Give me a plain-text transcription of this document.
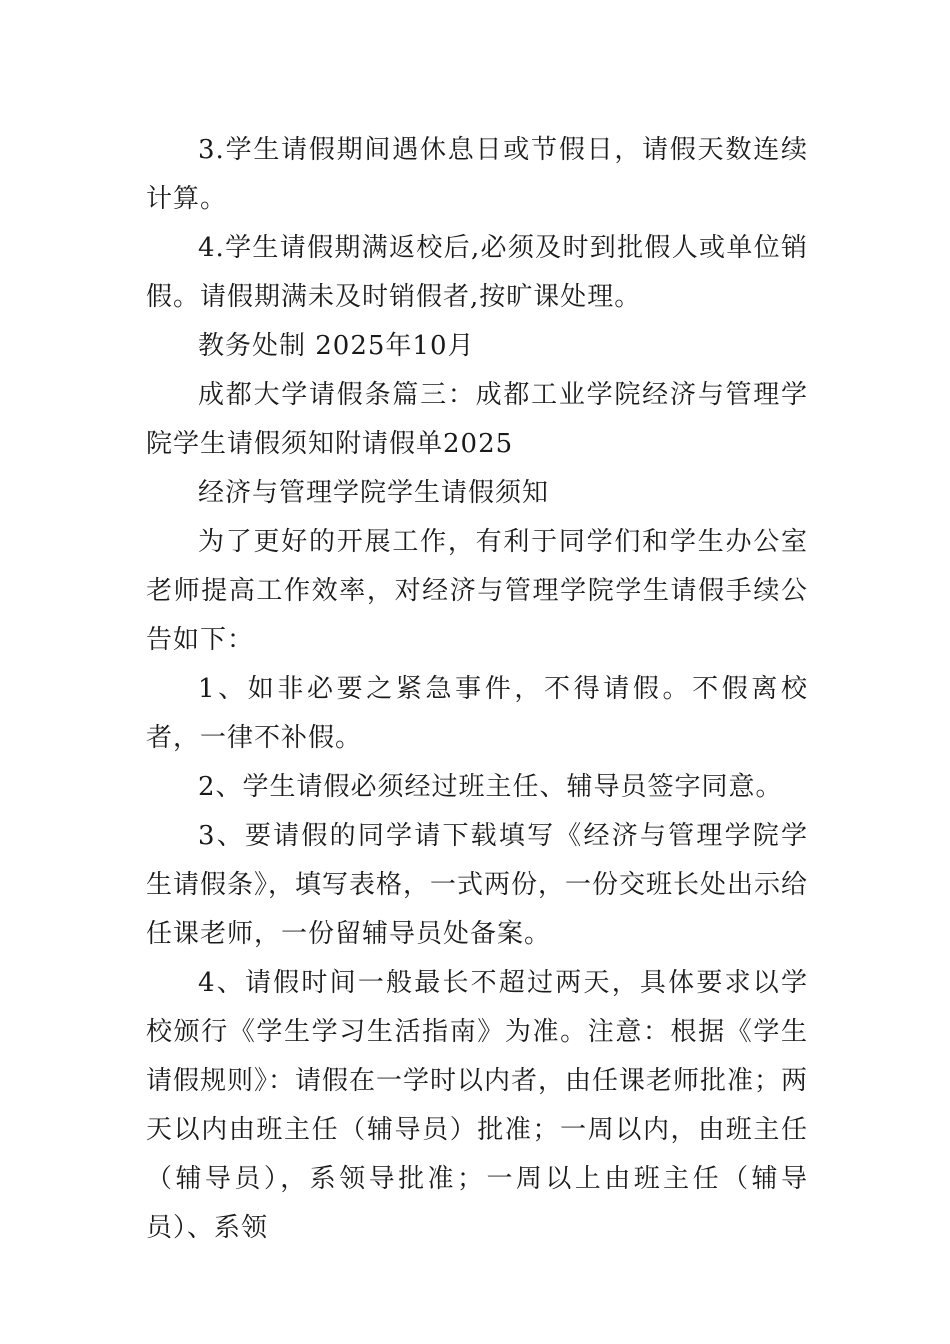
3.学生请假期间遇休息日或节假日，请假天数连续计算。

4.学生请假期满返校后,必须及时到批假人或单位销假。请假期满未及时销假者,按旷课处理。

教务处制 2025年10月

成都大学请假条篇三：成都工业学院经济与管理学院学生请假须知附请假单2025

经济与管理学院学生请假须知

为了更好的开展工作，有利于同学们和学生办公室老师提高工作效率，对经济与管理学院学生请假手续公告如下：

1、如非必要之紧急事件，不得请假。不假离校者，一律不补假。

2、学生请假必须经过班主任、辅导员签字同意。

3、要请假的同学请下载填写《经济与管理学院学生请假条》，填写表格，一式两份，一份交班长处出示给任课老师，一份留辅导员处备案。

4、请假时间一般最长不超过两天，具体要求以学校颁行《学生学习生活指南》为准。注意：根据《学生请假规则》：请假在一学时以内者，由任课老师批准；两天以内由班主任（辅导员）批准；一周以内，由班主任（辅导员），系领导批准；一周以上由班主任（辅导员）、系领
